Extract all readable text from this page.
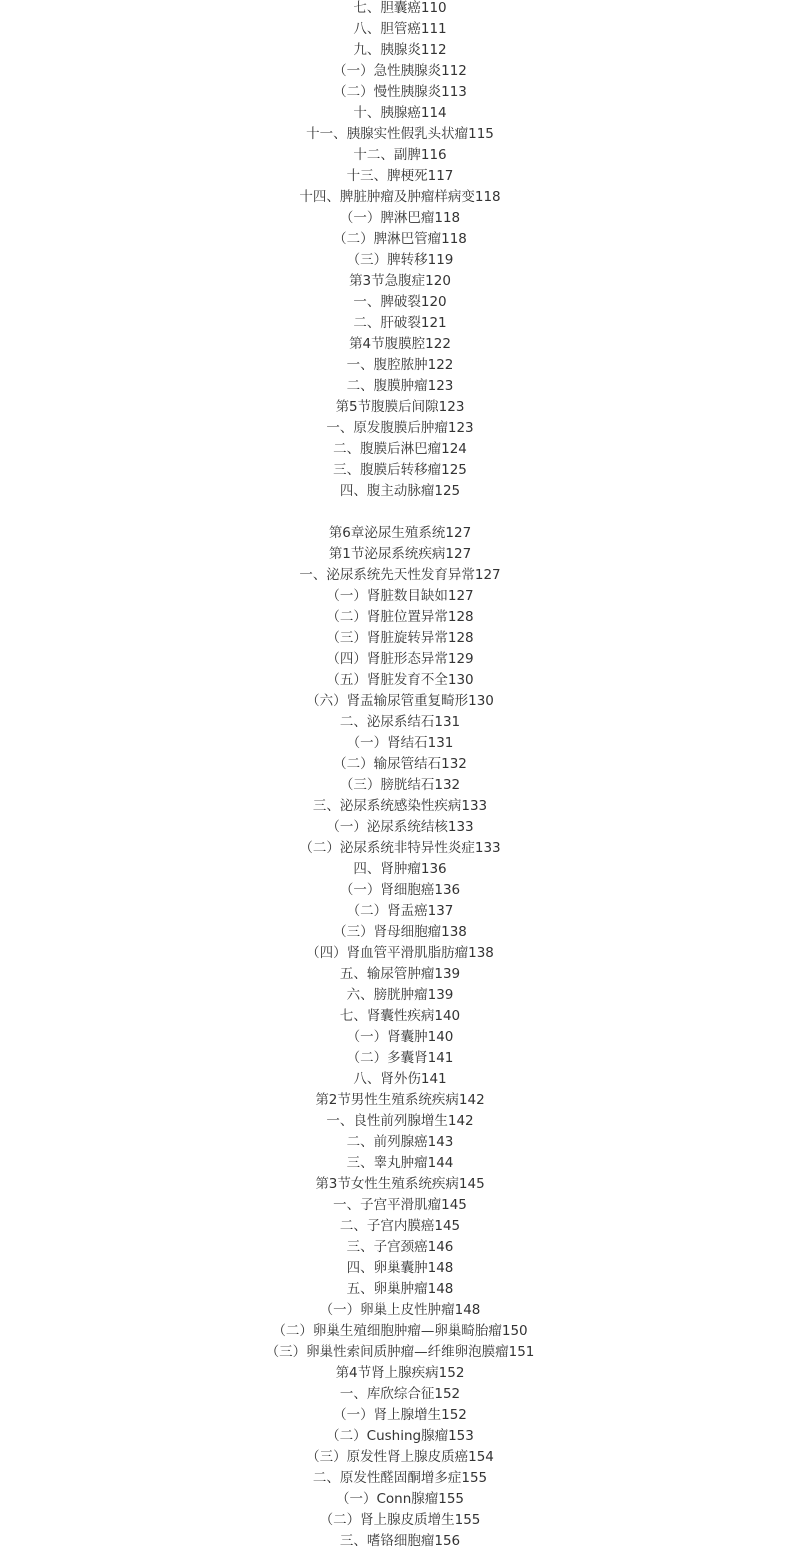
七、胆囊癌110
八、胆管癌111
九、胰腺炎112
（一）急性胰腺炎112
（二）慢性胰腺炎113
十、胰腺癌114
十一、胰腺实性假乳头状瘤115
十二、副脾116
十三、脾梗死117
十四、脾脏肿瘤及肿瘤样病变118
（一）脾淋巴瘤118
（二）脾淋巴管瘤118
（三）脾转移119
第3节急腹症120
一、脾破裂120
二、肝破裂121
第4节腹膜腔122
一、腹腔脓肿122
二、腹膜肿瘤123
第5节腹膜后间隙123
一、原发腹膜后肿瘤123
二、腹膜后淋巴瘤124
三、腹膜后转移瘤125
四、腹主动脉瘤125
第6章泌尿生殖系统127
第1节泌尿系统疾病127
一、泌尿系统先天性发育异常127
（一）肾脏数目缺如127
（二）肾脏位置异常128
（三）肾脏旋转异常128
（四）肾脏形态异常129
（五）肾脏发育不全130
（六）肾盂输尿管重复畸形130
二、泌尿系结石131
（一）肾结石131
（二）输尿管结石132
（三）膀胱结石132
三、泌尿系统感染性疾病133
（一）泌尿系统结核133
（二）泌尿系统非特异性炎症133
四、肾肿瘤136
（一）肾细胞癌136
（二）肾盂癌137
（三）肾母细胞瘤138
（四）肾血管平滑肌脂肪瘤138
五、输尿管肿瘤139
六、膀胱肿瘤139
七、肾囊性疾病140
（一）肾囊肿140
（二）多囊肾141
八、肾外伤141
第2节男性生殖系统疾病142
一、良性前列腺增生142
二、前列腺癌143
三、睾丸肿瘤144
第3节女性生殖系统疾病145
一、子宫平滑肌瘤145
二、子宫内膜癌145
三、子宫颈癌146
四、卵巢囊肿148
五、卵巢肿瘤148
（一）卵巢上皮性肿瘤148
（二）卵巢生殖细胞肿瘤—卵巢畸胎瘤150
（三）卵巢性索间质肿瘤—纤维卵泡膜瘤151
第4节肾上腺疾病152
一、库欣综合征152
（一）肾上腺增生152
（二）Cushing腺瘤153
（三）原发性肾上腺皮质癌154
二、原发性醛固酮增多症155
（一）Conn腺瘤155
（二）肾上腺皮质增生155
三、嗜铬细胞瘤156
